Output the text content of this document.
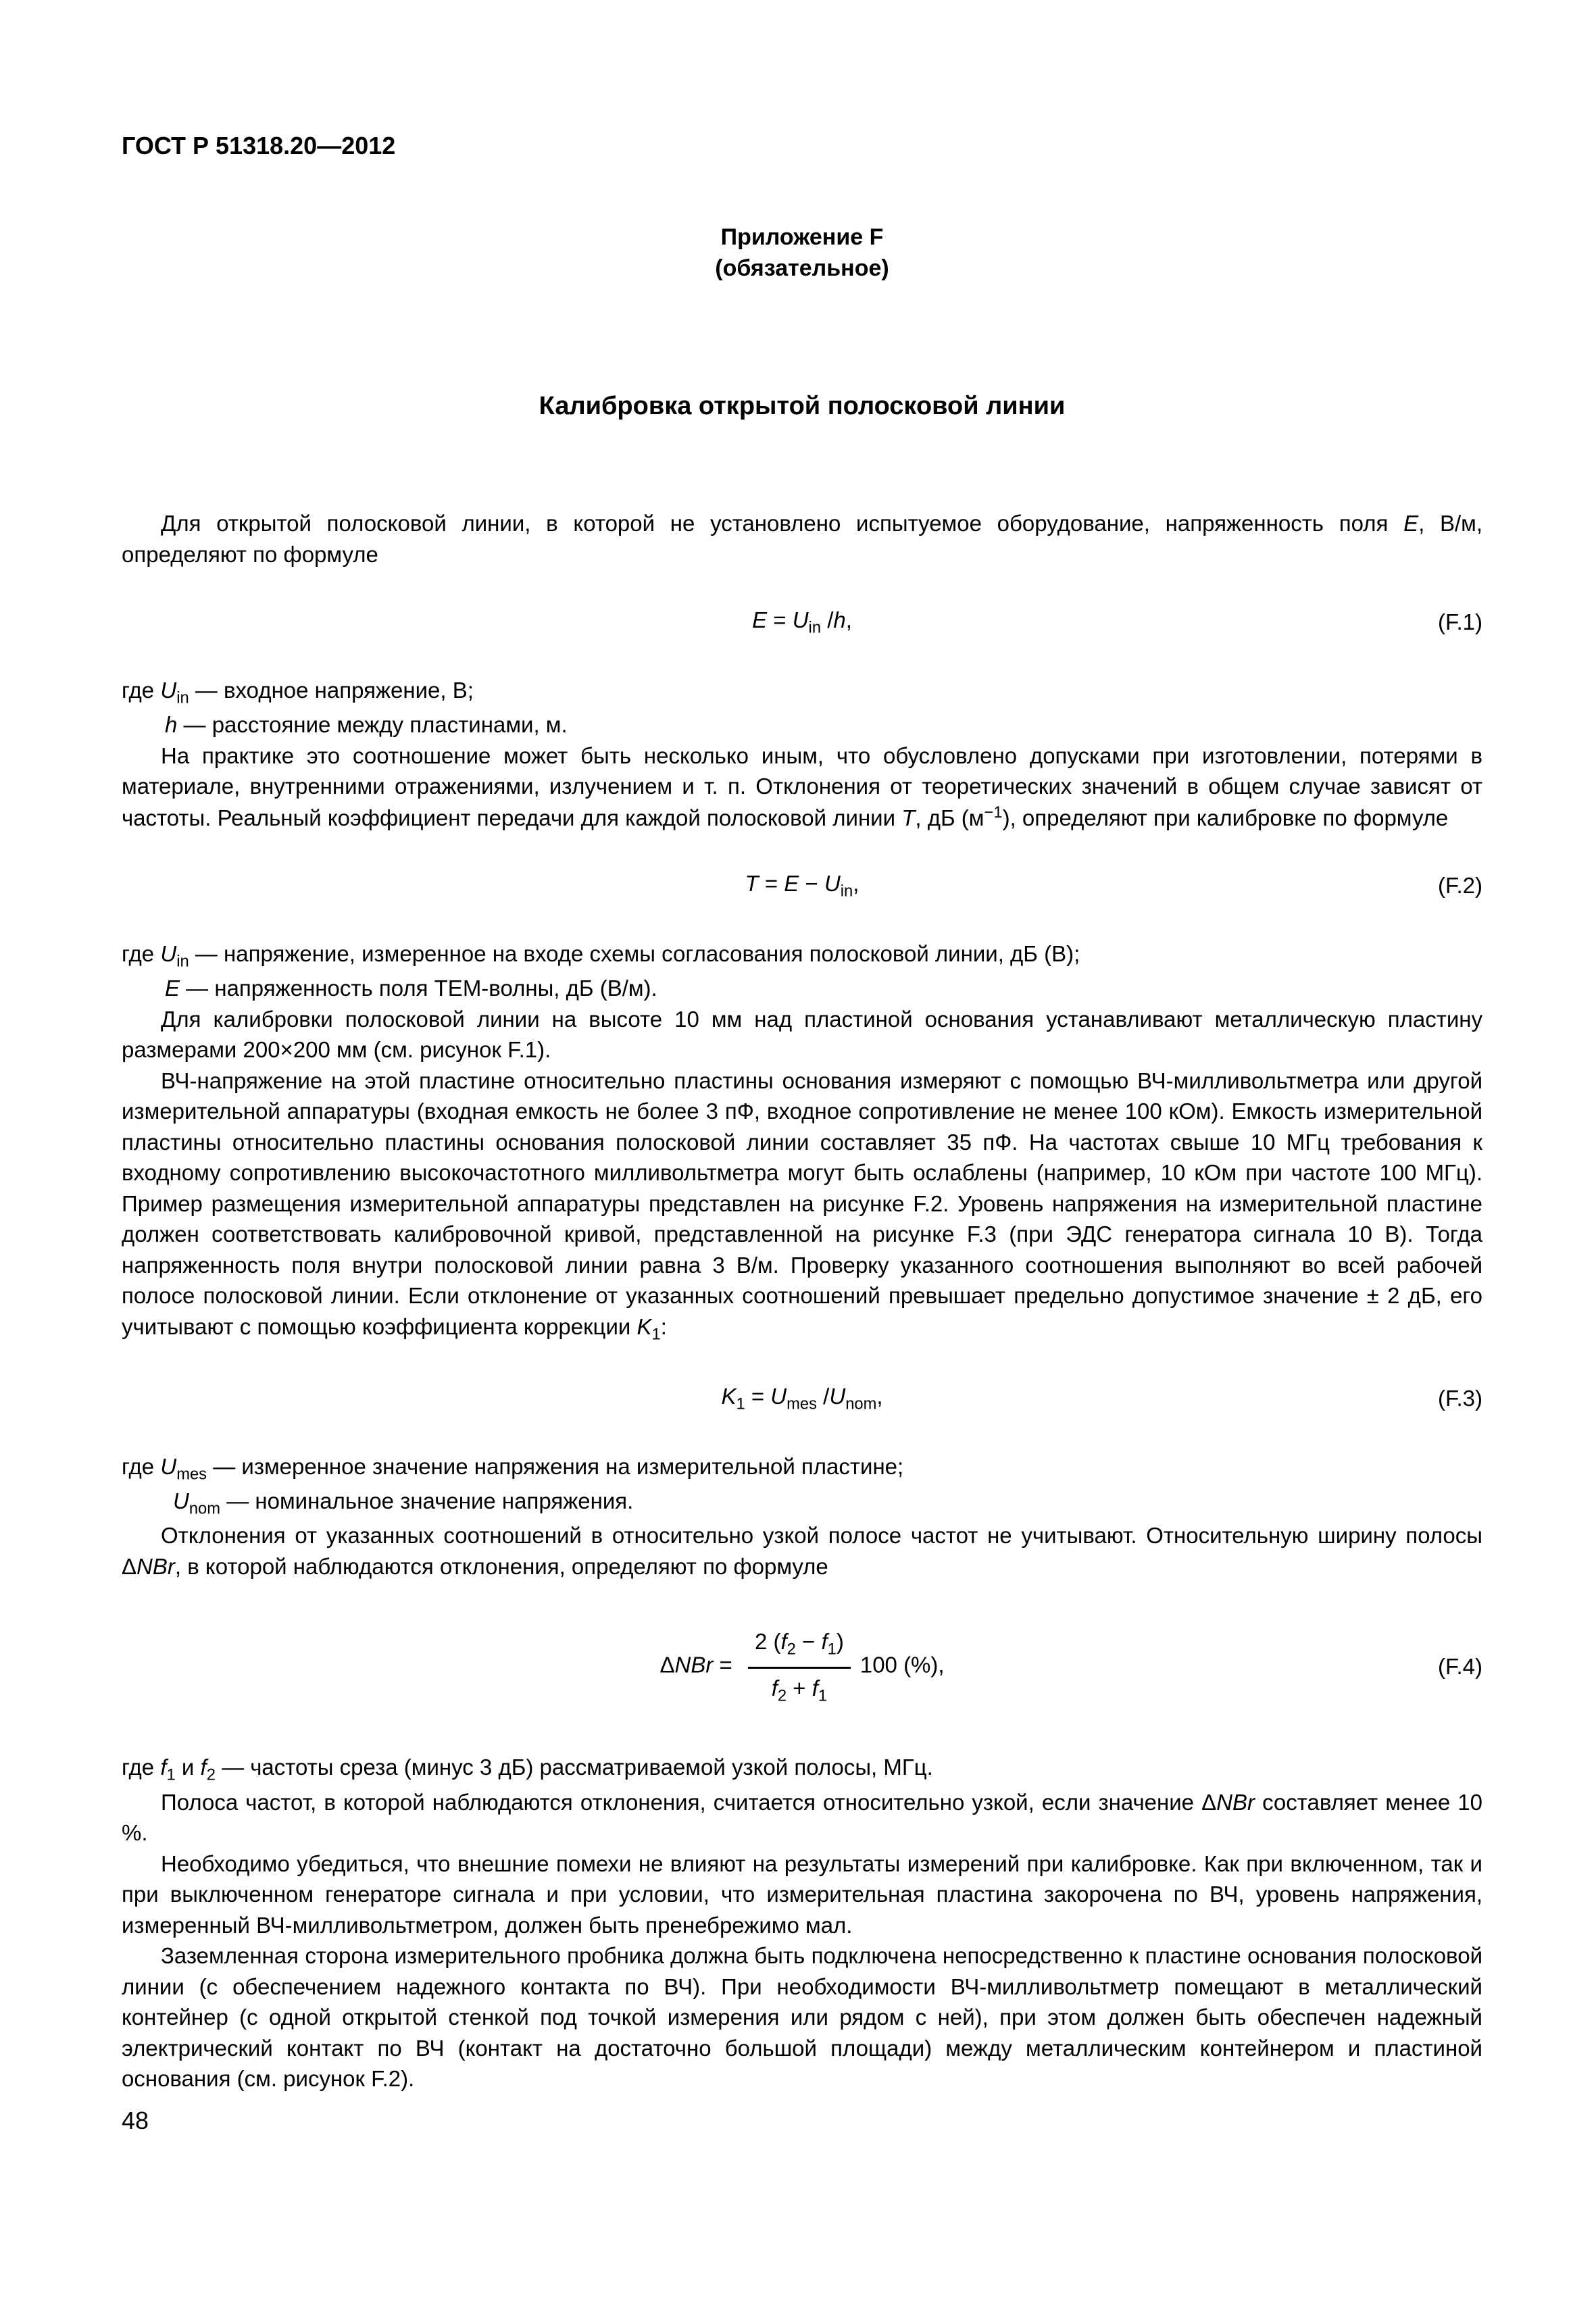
ГОСТ Р 51318.20—2012
Приложение F
(обязательное)
Калибровка открытой полосковой линии

Для открытой полосковой линии, в которой не установлено испытуемое оборудование, напряженность поля E, В/м, определяют по формуле

$E = U_{in}$ /h,	(F.1)

где $U_{in}$ — входное напряжение, В;

h — расстояние между пластинами, м.

На практике это соотношение может быть несколько иным, что обусловлено допусками при изготовлении, потерями в материале, внутренними отражениями, излучением и т. п. Отклонения от теоретических значений в общем случае зависят от частоты. Реальный коэффициент передачи для каждой полосковой линии T, дБ $(м^{-1})$, определяют при калибровке по формуле

$T = E - U_{in}$,	(F.2)

где $U_{in}$ — напряжение, измеренное на входе схемы согласования полосковой линии, дБ (В);

E — напряженность поля ТЕМ-волны, дБ (В/м).

Для калибровки полосковой линии на высоте 10 мм над пластиной основания устанавливают металлическую пластину размерами 200×200 мм (см. рисунок F.1).

ВЧ-напряжение на этой пластине относительно пластины основания измеряют с помощью ВЧ-милливольтметра или другой измерительной аппаратуры (входная емкость не более 3 пФ, входное сопротивление не менее 100 кОм). Емкость измерительной пластины относительно пластины основания полосковой линии составляет 35 пФ. На частотах свыше 10 МГц требования к входному сопротивлению высокочастотного милливольтметра могут быть ослаблены (например, 10 кОм при частоте 100 МГц). Пример размещения измерительной аппаратуры представлен на рисунке F.2. Уровень напряжения на измерительной пластине должен соответствовать калибровочной кривой, представленной на рисунке F.3 (при ЭДС генератора сигнала 10 В). Тогда напряженность поля внутри полосковой линии равна 3 В/м. Проверку указанного соотношения выполняют во всей рабочей полосе полосковой линии. Если отклонение от указанных соотношений превышает предельно допустимое значение ± 2 дБ, его учитывают с помощью коэффициента коррекции $K_1$:

$K_1 = U_{mes}$ $/U_{nom}$,	(F.3)

где $U_{mes}$ — измеренное значение напряжения на измерительной пластине;

$U_{nom}$ — номинальное значение напряжения.

Отклонения от указанных соотношений в относительно узкой полосе частот не учитывают. Относительную ширину полосы ΔNBr, в которой наблюдаются отклонения, определяют по формуле

$\Delta NBr = \frac{2 (f_2 - f_1)}{f_2 + f_1} 100$ (%),	(F.4)

где $f_1$ и $f_2$ — частоты среза (минус 3 дБ) рассматриваемой узкой полосы, МГц.

Полоса частот, в которой наблюдаются отклонения, считается относительно узкой, если значение ΔNBr составляет менее 10 %.

Необходимо убедиться, что внешние помехи не влияют на результаты измерений при калибровке. Как при включенном, так и при выключенном генераторе сигнала и при условии, что измерительная пластина закорочена по ВЧ, уровень напряжения, измеренный ВЧ-милливольтметром, должен быть пренебрежимо мал.

Заземленная сторона измерительного пробника должна быть подключена непосредственно к пластине основания полосковой линии (с обеспечением надежного контакта по ВЧ). При необходимости ВЧ-милливольтметр помещают в металлический контейнер (с одной открытой стенкой под точкой измерения или рядом с ней), при этом должен быть обеспечен надежный электрический контакт по ВЧ (контакт на достаточно большой площади) между металлическим контейнером и пластиной основания (см. рисунок F.2).

48
